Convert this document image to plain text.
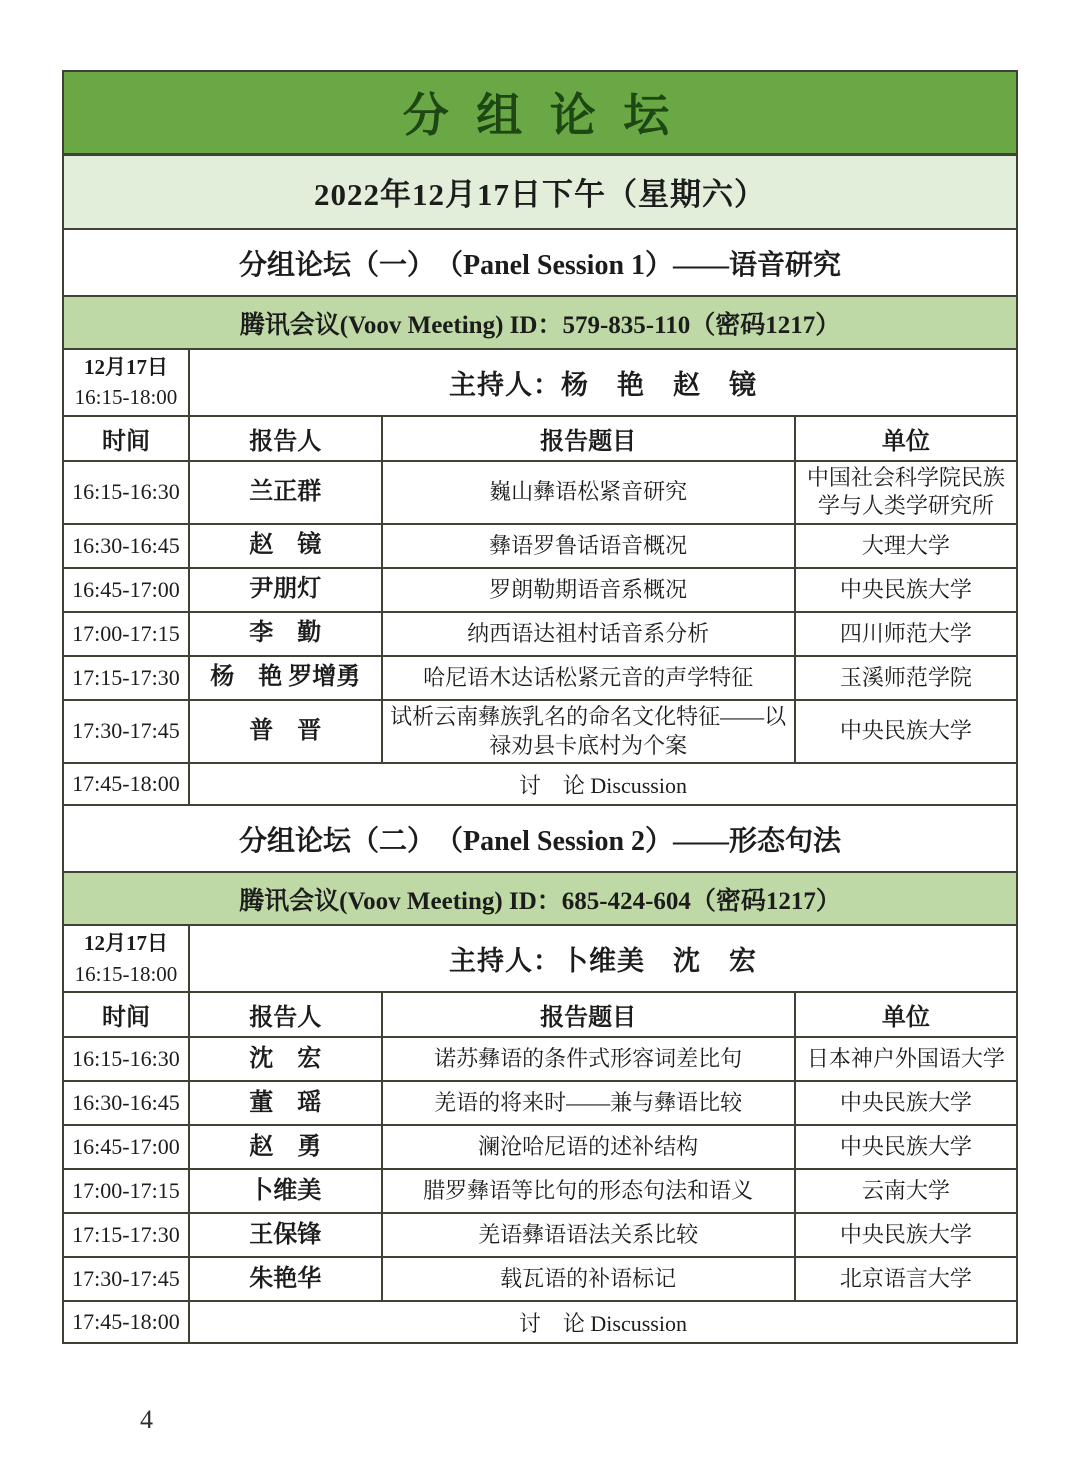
分 组 论 坛			
2022年12月17日下午（星期六）			
分组论坛（一）　（Panel Session 1）——语音研究			
腾讯会议(Voov Meeting) ID：579-835-110（密码1217）			

12月17日
16:15-18:00	主持人：杨　艳　赵　镜		
时间	报告人	报告题目	单位
16:15-16:30	兰正群	巍山彝语松紧音研究	中国社会科学院民族学与人类学研究所
16:30-16:45	赵　镜	彝语罗鲁话语音概况	大理大学
16:45-17:00	尹朋灯	罗朗勒期语音系概况	中央民族大学
17:00-17:15	李　勤	纳西语达祖村话音系分析	四川师范大学
17:15-17:30	杨　艳 罗增勇	哈尼语木达话松紧元音的声学特征	玉溪师范学院
17:30-17:45	普　晋	试析云南彝族乳名的命名文化特征——以禄劝县卡底村为个案	中央民族大学
17:45-18:00	讨　论 Discussion		
分组论坛（二）　（Panel Session 2）——形态句法			
腾讯会议(Voov Meeting) ID：685-424-604（密码1217）			

12月17日
16:15-18:00	主持人：卜维美　沈　宏		
时间	报告人	报告题目	单位
16:15-16:30	沈　宏	诺苏彝语的条件式形容词差比句	日本神户外国语大学
16:30-16:45	董　瑶	羌语的将来时——兼与彝语比较	中央民族大学
16:45-17:00	赵　勇	澜沧哈尼语的述补结构	中央民族大学
17:00-17:15	卜维美	腊罗彝语等比句的形态句法和语义	云南大学
17:15-17:30	王保锋	羌语彝语语法关系比较	中央民族大学
17:30-17:45	朱艳华	载瓦语的补语标记	北京语言大学
17:45-18:00	讨　论 Discussion		
4
